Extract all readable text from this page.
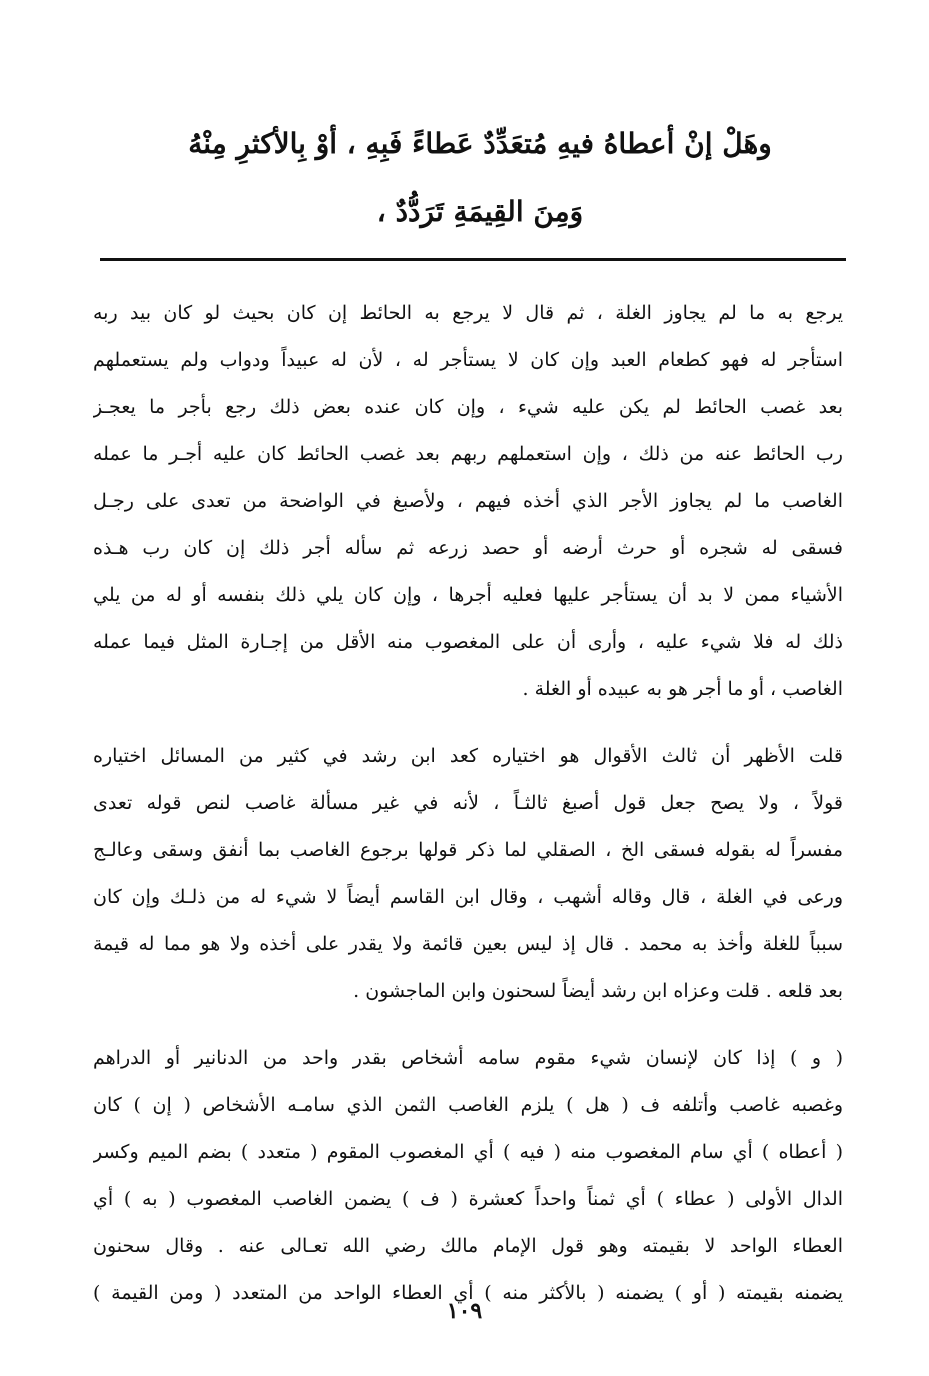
وهَلْ إنْ أعطاهُ فيهِ مُتعَدِّدٌ عَطاءً فَبِهِ ، أوْ بِالأكثرِ مِنْهُ
وَمِنَ القِيمَةِ تَرَدُّدٌ ،
يرجع به ما لم يجاوز الغلة ، ثم قال لا يرجع به الحائط إن كان بحيث لو كان بيد ربه
استأجر له فهو كطعام العبد وإن كان لا يستأجر له ، لأن له عبيداً ودواب ولم يستعملهم
بعد غصب الحائط لم يكن عليه شيء ، وإن كان عنده بعض ذلك رجع بأجر ما يعجـز
رب الحائط عنه من ذلك ، وإن استعملهم ربهم بعد غصب الحائط كان عليه أجـر ما عمله
الغاصب ما لم يجاوز الأجر الذي أخذه فيهم ، ولأصبغ في الواضحة من تعدى على رجـل
فسقى له شجره أو حرث أرضه أو حصد زرعه ثم سأله أجر ذلك إن كان رب هـذه
الأشياء ممن لا بد أن يستأجر عليها فعليه أجرها ، وإن كان يلي ذلك بنفسه أو له من يلي
ذلك له فلا شيء عليه ، وأرى أن على المغصوب منه الأقل من إجـارة المثل فيما عمله
الغاصب ، أو ما أجر هو به عبيده أو الغلة .
قلت الأظهر أن ثالث الأقوال هو اختياره كعد ابن رشد في كثير من المسائل اختياره
قولاً ، ولا يصح جعل قول أصبغ ثالثـاً ، لأنه في غير مسألة غاصب لنص قوله تعدى
مفسراً له بقوله فسقى الخ ، الصقلي لما ذكر قولها برجوع الغاصب بما أنفق وسقى وعالـج
ورعى في الغلة ، قال وقاله أشهب ، وقال ابن القاسم أيضاً لا شيء له من ذلـك وإن كان
سبباً للغلة وأخذ به محمد . قال إذ ليس بعين قائمة ولا يقدر على أخذه ولا هو مما له قيمة
بعد قلعه . قلت وعزاه ابن رشد أيضاً لسحنون وابن الماجشون .
( و ) إذا كان لإنسان شيء مقوم سامه أشخاص بقدر واحد من الدنانير أو الدراهم
وغصبه غاصب وأتلفه ف ( هل ) يلزم الغاصب الثمن الذي سامـه الأشخاص ( إن ) كان
( أعطاه ) أي سام المغصوب منه ( فيه ) أي المغصوب المقوم ( متعدد ) بضم الميم وكسر
الدال الأولى ( عطاء ) أي ثمناً واحداً كعشرة ( ف ) يضمن الغاصب المغصوب ( به ) أي
العطاء الواحد لا بقيمته وهو قول الإمام مالك رضي الله تعـالى عنه . وقال سحنون
يضمنه بقيمته ( أو ) يضمنه ( بالأكثر منه ) أي العطاء الواحد من المتعدد ( ومن القيمة )
١٠٩
